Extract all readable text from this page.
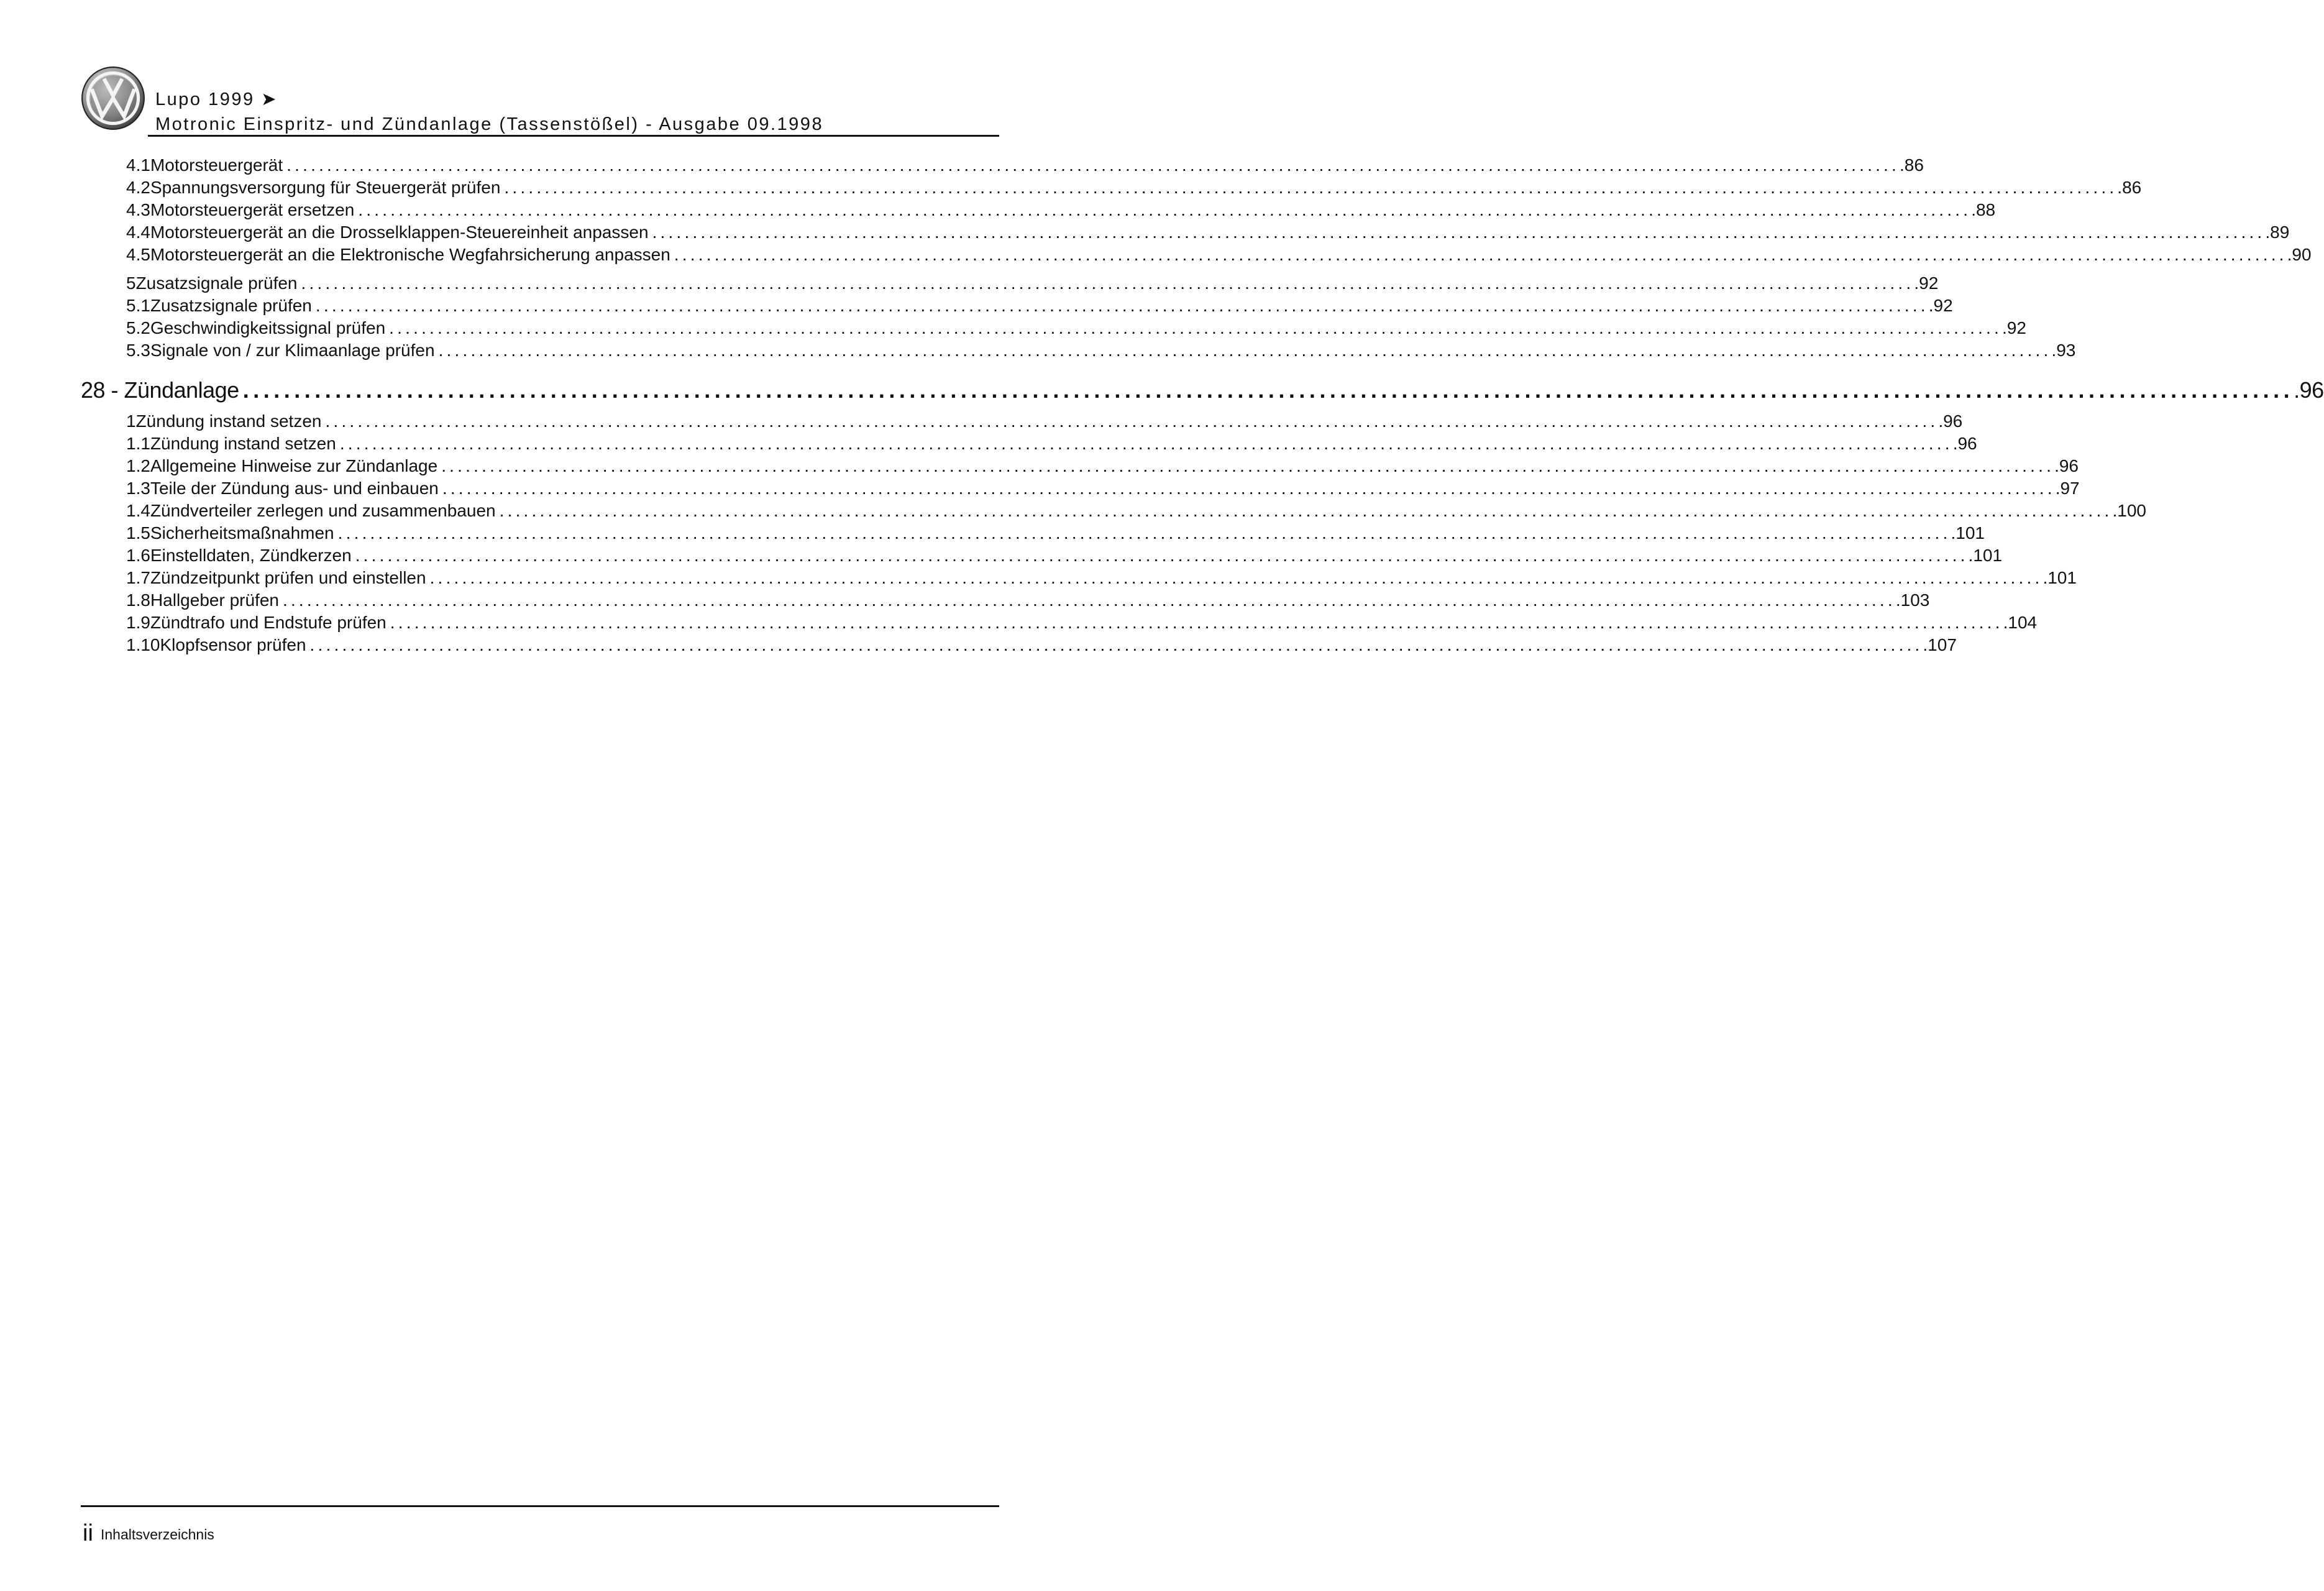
Lupo 1999 ➤
Motronic Einspritz- und Zündanlage (Tassenstößel) - Ausgabe 09.1998
4.1 Motorsteuergerät ........................................................................................................................................................................................................ .86
4.2 Spannungsversorgung für Steuergerät prüfen ........................................................................................................................................................................................................ .86
4.3 Motorsteuergerät ersetzen ........................................................................................................................................................................................................ .88
4.4 Motorsteuergerät an die Drosselklappen-Steuereinheit anpassen ........................................................................................................................................................................................................ .89
4.5 Motorsteuergerät an die Elektronische Wegfahrsicherung anpassen ........................................................................................................................................................................................................ .90
5 Zusatzsignale prüfen ........................................................................................................................................................................................................ .92
5.1 Zusatzsignale prüfen ........................................................................................................................................................................................................ .92
5.2 Geschwindigkeitssignal prüfen ........................................................................................................................................................................................................ .92
5.3 Signale von / zur Klimaanlage prüfen ........................................................................................................................................................................................................ .93
28 - Zündanlage ........................................................................................................................................................................................................ .96
1 Zündung instand setzen ........................................................................................................................................................................................................ .96
1.1 Zündung instand setzen ........................................................................................................................................................................................................ .96
1.2 Allgemeine Hinweise zur Zündanlage ........................................................................................................................................................................................................ .96
1.3 Teile der Zündung aus- und einbauen ........................................................................................................................................................................................................ .97
1.4 Zündverteiler zerlegen und zusammenbauen ........................................................................................................................................................................................................ .100
1.5 Sicherheitsmaßnahmen ........................................................................................................................................................................................................ .101
1.6 Einstelldaten, Zündkerzen ........................................................................................................................................................................................................ .101
1.7 Zündzeitpunkt prüfen und einstellen ........................................................................................................................................................................................................ .101
1.8 Hallgeber prüfen ........................................................................................................................................................................................................ .103
1.9 Zündtrafo und Endstufe prüfen ........................................................................................................................................................................................................ .104
1.10 Klopfsensor prüfen ........................................................................................................................................................................................................ .107
ii Inhaltsverzeichnis
